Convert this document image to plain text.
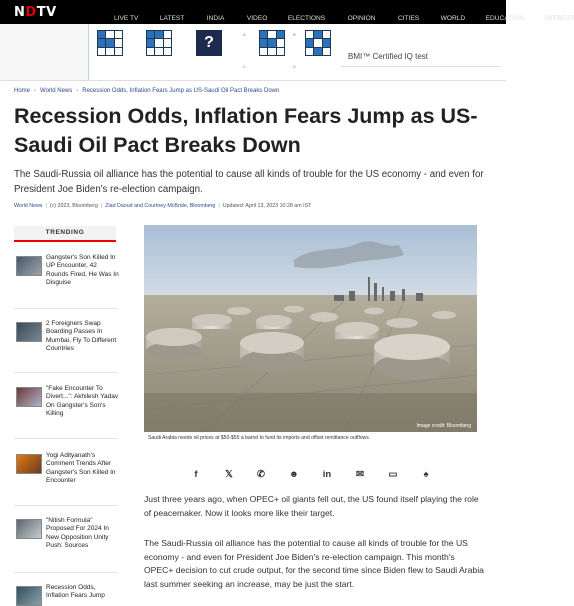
NDTV	LIVE TV	LATEST	INDIA	VIDEO	ELECTIONS	OPINION	CITIES	WORLD	EDUCATION	OFFBEAT
?	A	B
C	D
BMI™ Certified IQ test
Home › World News › Recession Odds, Inflation Fears Jump as US-Saudi Oil Pact Breaks Down
Recession Odds, Inflation Fears Jump as US-Saudi Oil Pact Breaks Down
The Saudi-Russia oil alliance has the potential to cause all kinds of trouble for the US economy - and even for President Joe Biden's re-election campaign.
World News | (c) 2023, Bloomberg | Ziad Daoud and Courtney McBride, Bloomberg | Updated: April 13, 2023 10:28 am IST
TRENDING
Gangster's Son Killed In UP Encounter, 42 Rounds Fired, He Was In Disguise
2 Foreigners Swap Boarding Passes In Mumbai, Fly To Different Countries
"Fake Encounter To Divert...": Akhilesh Yadav On Gangster's Son's Killing
Yogi Adityanath's Comment Trends After Gangster's Son Killed In Encounter
"Nitish Formula" Proposed For 2024 In New Opposition Unity Push: Sources
Recession Odds, Inflation Fears Jump
Image credit: Bloomberg
Saudi Arabia needs oil prices at $50-$55 a barrel to fund its imports and offset remittance outflows.
f	𝕏	✆	☻	in	✉	▭	♠

Just three years ago, when OPEC+ oil giants fell out, the US found itself playing the role of peacemaker. Now it looks more like their target.

The Saudi-Russia oil alliance has the potential to cause all kinds of trouble for the US economy - and even for President Joe Biden's re-election campaign. This month's OPEC+ decision to cut crude output, for the second time since Biden flew to Saudi Arabia last summer seeking an increase, may be just the start.
